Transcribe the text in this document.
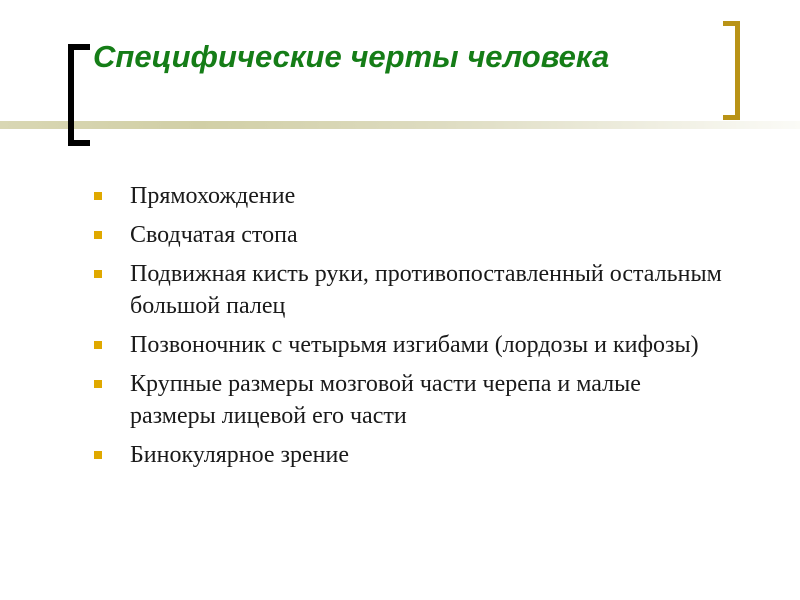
Специфические черты человека
Прямохождение
Сводчатая стопа
Подвижная кисть руки, противопоставленный остальным большой палец
Позвоночник с четырьмя изгибами (лордозы и кифозы)
Крупные размеры мозговой части черепа и малые размеры лицевой его части
Бинокулярное зрение
